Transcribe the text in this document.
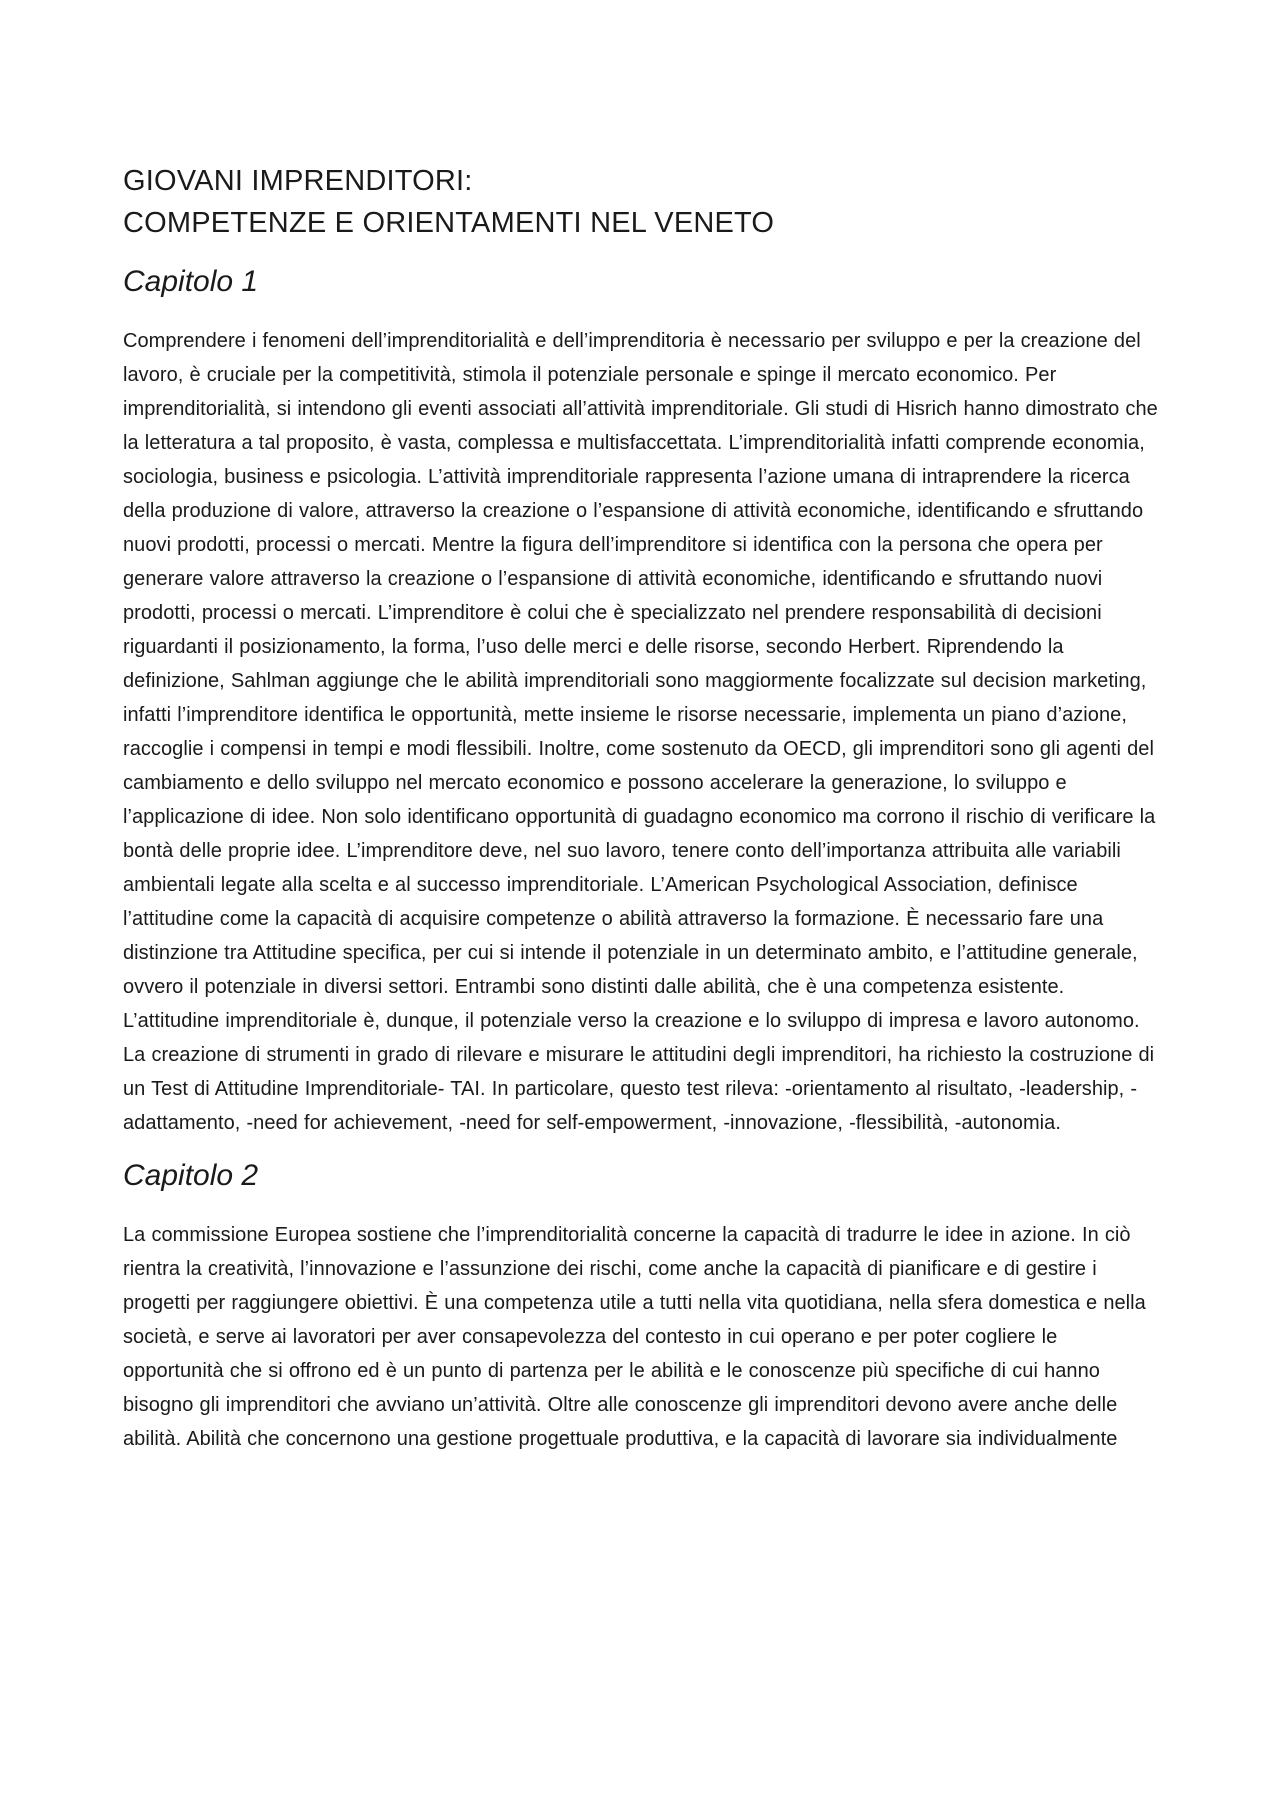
GIOVANI IMPRENDITORI:
COMPETENZE E ORIENTAMENTI NEL VENETO
Capitolo 1

Comprendere i fenomeni dell’imprenditorialità e dell’imprenditoria è necessario per sviluppo e per la creazione del lavoro, è cruciale per la competitività, stimola il potenziale personale e spinge il mercato economico. Per imprenditorialità, si intendono gli eventi associati all’attività imprenditoriale. Gli studi di Hisrich hanno dimostrato che la letteratura a tal proposito, è vasta, complessa e multisfaccettata. L’imprenditorialità infatti comprende economia, sociologia, business e psicologia. L’attività imprenditoriale rappresenta l’azione umana di intraprendere la ricerca della produzione di valore, attraverso la creazione o l’espansione di attività economiche, identificando e sfruttando nuovi prodotti, processi o mercati. Mentre la figura dell’imprenditore si identifica con la persona che opera per generare valore attraverso la creazione o l’espansione di attività economiche, identificando e sfruttando nuovi prodotti, processi o mercati. L’imprenditore è colui che è specializzato nel prendere responsabilità di decisioni riguardanti il posizionamento, la forma, l’uso delle merci e delle risorse, secondo Herbert. Riprendendo la definizione, Sahlman aggiunge che le abilità imprenditoriali sono maggiormente focalizzate sul decision marketing, infatti l’imprenditore identifica le opportunità, mette insieme le risorse necessarie, implementa un piano d’azione, raccoglie i compensi in tempi e modi flessibili. Inoltre, come sostenuto da OECD, gli imprenditori sono gli agenti del cambiamento e dello sviluppo nel mercato economico e possono accelerare la generazione, lo sviluppo e l’applicazione di idee. Non solo identificano opportunità di guadagno economico ma corrono il rischio di verificare la bontà delle proprie idee. L’imprenditore deve, nel suo lavoro, tenere conto dell’importanza attribuita alle variabili ambientali legate alla scelta e al successo imprenditoriale. L’American Psychological Association, definisce l’attitudine come la capacità di acquisire competenze o abilità attraverso la formazione. È necessario fare una distinzione tra Attitudine specifica, per cui si intende il potenziale in un determinato ambito, e l’attitudine generale, ovvero il potenziale in diversi settori. Entrambi sono distinti dalle abilità, che è una competenza esistente. L’attitudine imprenditoriale è, dunque, il potenziale verso la creazione e lo sviluppo di impresa e lavoro autonomo. La creazione di strumenti in grado di rilevare e misurare le attitudini degli imprenditori, ha richiesto la costruzione di un Test di Attitudine Imprenditoriale- TAI. In particolare, questo test rileva: -orientamento al risultato, -leadership, -adattamento, -need for achievement, -need for self-empowerment, -innovazione, -flessibilità, -autonomia.

Capitolo 2

La commissione Europea sostiene che l’imprenditorialità concerne la capacità di tradurre le idee in azione. In ciò rientra la creatività, l’innovazione e l’assunzione dei rischi, come anche la capacità di pianificare e di gestire i progetti per raggiungere obiettivi. È una competenza utile a tutti nella vita quotidiana, nella sfera domestica e nella società, e serve ai lavoratori per aver consapevolezza del contesto in cui operano e per poter cogliere le opportunità che si offrono ed è un punto di partenza per le abilità e le conoscenze più specifiche di cui hanno bisogno gli imprenditori che avviano un’attività. Oltre alle conoscenze gli imprenditori devono avere anche delle abilità. Abilità che concernono una gestione progettuale produttiva, e la capacità di lavorare sia individualmente
